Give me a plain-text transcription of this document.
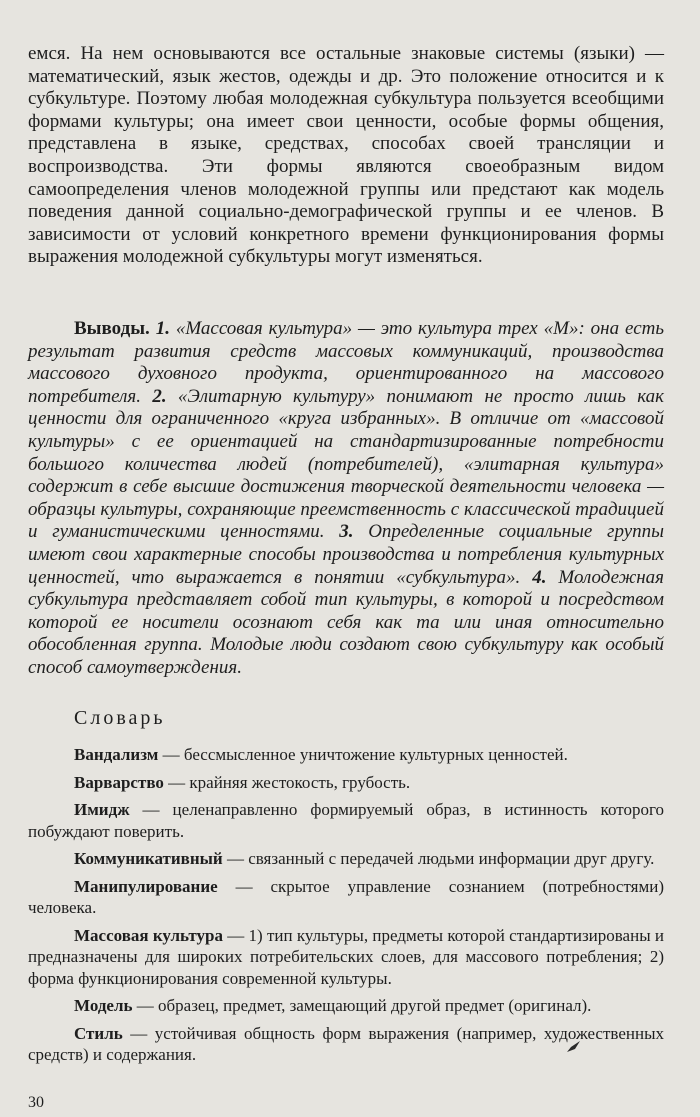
емся. На нем основываются все остальные знаковые системы (языки) — математический, язык жестов, одежды и др. Это положение относится и к субкультуре. Поэтому любая молодежная субкультура пользуется всеобщими формами культуры; она имеет свои ценности, особые формы общения, представлена в языке, средствах, способах своей трансляции и воспроизводства. Эти формы являются своеобразным видом самоопределения членов молодежной группы или предстают как модель поведения данной социально-демографической группы и ее членов. В зависимости от условий конкретного времени функционирования формы выражения молодежной субкультуры могут изменяться.
Выводы. 1. «Массовая культура» — это культура трех «М»: она есть результат развития средств массовых коммуникаций, производства массового духовного продукта, ориентированного на массового потребителя. 2. «Элитарную культуру» понимают не просто лишь как ценности для ограниченного «круга избранных». В отличие от «массовой культуры» с ее ориентацией на стандартизированные потребности большого количества людей (потребителей), «элитарная культура» содержит в себе высшие достижения творческой деятельности человека — образцы культуры, сохраняющие преемственность с классической традицией и гуманистическими ценностями. 3. Определенные социальные группы имеют свои характерные способы производства и потребления культурных ценностей, что выражается в понятии «субкультура». 4. Молодежная субкультура представляет собой тип культуры, в которой и посредством которой ее носители осознают себя как та или иная относительно обособленная группа. Молодые люди создают свою субкультуру как особый способ самоутверждения.
Словарь
Вандализм — бессмысленное уничтожение культурных ценностей.
Варварство — крайняя жестокость, грубость.
Имидж — целенаправленно формируемый образ, в истинность которого побуждают поверить.
Коммуникативный — связанный с передачей людьми информации друг другу.
Манипулирование — скрытое управление сознанием (потребностями) человека.
Массовая культура — 1) тип культуры, предметы которой стандартизированы и предназначены для широких потребительских слоев, для массового потребления; 2) форма функционирования современной культуры.
Модель — образец, предмет, замещающий другой предмет (оригинал).
Стиль — устойчивая общность форм выражения (например, художественных средств) и содержания.
30
